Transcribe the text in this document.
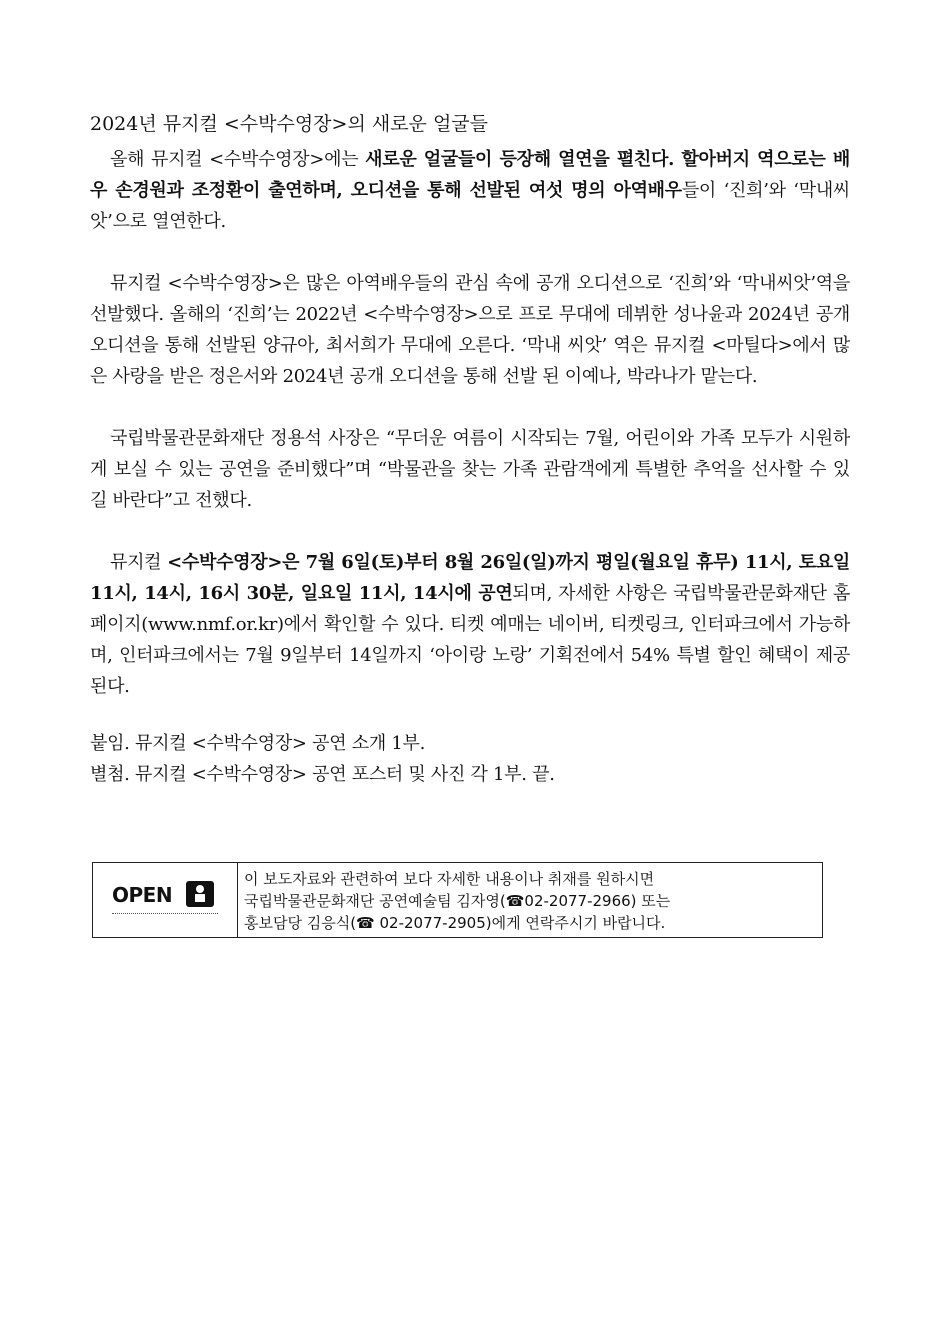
2024년 뮤지컬 <수박수영장>의 새로운 얼굴들

올해 뮤지컬 <수박수영장>에는 새로운 얼굴들이 등장해 열연을 펼친다. 할아버지 역으로는 배우 손경원과 조정환이 출연하며, 오디션을 통해 선발된 여섯 명의 아역배우들이 ‘진희’와 ‘막내씨앗’으로 열연한다.

뮤지컬 <수박수영장>은 많은 아역배우들의 관심 속에 공개 오디션으로 ‘진희’와 ‘막내씨앗’역을 선발했다. 올해의 ‘진희’는 2022년 <수박수영장>으로 프로 무대에 데뷔한 성나윤과 2024년 공개 오디션을 통해 선발된 양규아, 최서희가 무대에 오른다. ‘막내 씨앗’ 역은 뮤지컬 <마틸다>에서 많은 사랑을 받은 정은서와 2024년 공개 오디션을 통해 선발 된 이예나, 박라나가 맡는다.

국립박물관문화재단 정용석 사장은 “무더운 여름이 시작되는 7월, 어린이와 가족 모두가 시원하게 보실 수 있는 공연을 준비했다”며 “박물관을 찾는 가족 관람객에게 특별한 추억을 선사할 수 있길 바란다”고 전했다.

뮤지컬 <수박수영장>은 7월 6일(토)부터 8월 26일(일)까지 평일(월요일 휴무) 11시, 토요일 11시, 14시, 16시 30분, 일요일 11시, 14시에 공연되며, 자세한 사항은 국립박물관문화재단 홈페이지(www.nmf.or.kr)에서 확인할 수 있다. 티켓 예매는 네이버, 티켓링크, 인터파크에서 가능하며, 인터파크에서는 7월 9일부터 14일까지 ‘아이랑 노랑’ 기획전에서 54% 특별 할인 혜택이 제공된다.

붙임. 뮤지컬 <수박수영장> 공연 소개 1부.

별첨. 뮤지컬 <수박수영장> 공연 포스터 및 사진 각 1부. 끝.

OPEN
이 보도자료와 관련하여 보다 자세한 내용이나 취재를 원하시면
국립박물관문화재단 공연예술팀 김자영(☎02-2077-2966) 또는
홍보담당 김응식(☎ 02-2077-2905)에게 연락주시기 바랍니다.
